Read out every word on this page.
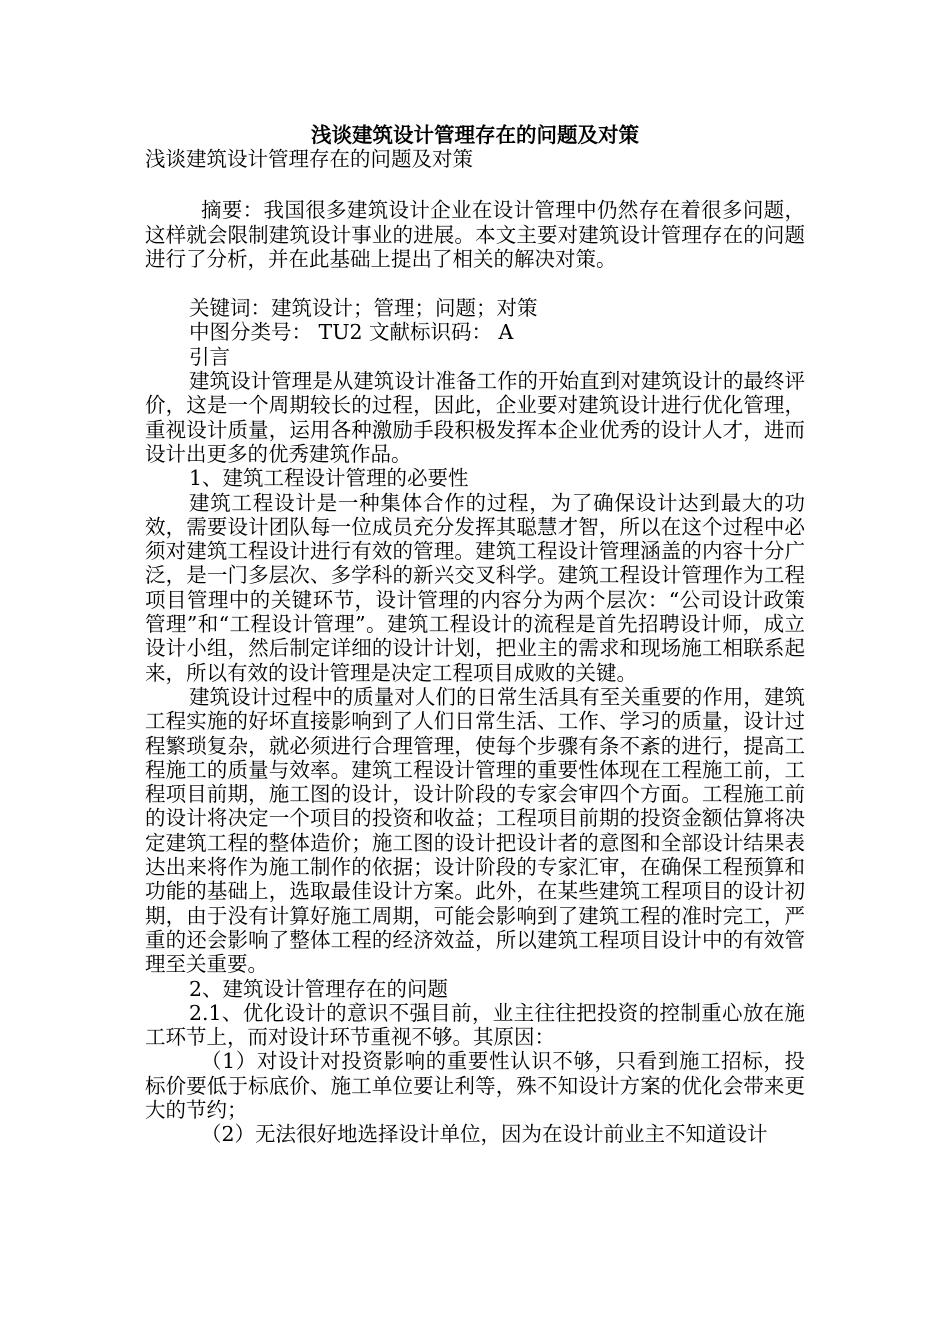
浅谈建筑设计管理存在的问题及对策

浅谈建筑设计管理存在的问题及对策

摘要：我国很多建筑设计企业在设计管理中仍然存在着很多问题，这样就会限制建筑设计事业的进展。本文主要对建筑设计管理存在的问题进行了分析，并在此基础上提出了相关的解决对策。

关键词：建筑设计；管理；问题；对策

中图分类号： TU2 文献标识码： A

引言

建筑设计管理是从建筑设计准备工作的开始直到对建筑设计的最终评价，这是一个周期较长的过程，因此，企业要对建筑设计进行优化管理，重视设计质量，运用各种激励手段积极发挥本企业优秀的设计人才，进而设计出更多的优秀建筑作品。

1、建筑工程设计管理的必要性

建筑工程设计是一种集体合作的过程，为了确保设计达到最大的功效，需要设计团队每一位成员充分发挥其聪慧才智，所以在这个过程中必须对建筑工程设计进行有效的管理。建筑工程设计管理涵盖的内容十分广泛，是一门多层次、多学科的新兴交叉科学。建筑工程设计管理作为工程项目管理中的关键环节，设计管理的内容分为两个层次：“公司设计政策管理”和“工程设计管理”。建筑工程设计的流程是首先招聘设计师，成立设计小组，然后制定详细的设计计划，把业主的需求和现场施工相联系起来，所以有效的设计管理是决定工程项目成败的关键。

建筑设计过程中的质量对人们的日常生活具有至关重要的作用，建筑工程实施的好坏直接影响到了人们日常生活、工作、学习的质量，设计过程繁琐复杂，就必须进行合理管理，使每个步骤有条不紊的进行，提高工程施工的质量与效率。建筑工程设计管理的重要性体现在工程施工前，工程项目前期，施工图的设计，设计阶段的专家会审四个方面。工程施工前的设计将决定一个项目的投资和收益；工程项目前期的投资金额估算将决定建筑工程的整体造价；施工图的设计把设计者的意图和全部设计结果表达出来将作为施工制作的依据；设计阶段的专家汇审，在确保工程预算和功能的基础上，选取最佳设计方案。此外，在某些建筑工程项目的设计初期，由于没有计算好施工周期，可能会影响到了建筑工程的准时完工，严重的还会影响了整体工程的经济效益，所以建筑工程项目设计中的有效管理至关重要。

2、建筑设计管理存在的问题

2.1、优化设计的意识不强目前，业主往往把投资的控制重心放在施工环节上，而对设计环节重视不够。其原因：

（1）对设计对投资影响的重要性认识不够，只看到施工招标，投标价要低于标底价、施工单位要让利等，殊不知设计方案的优化会带来更大的节约；

（2）无法很好地选择设计单位，因为在设计前业主不知道设计
